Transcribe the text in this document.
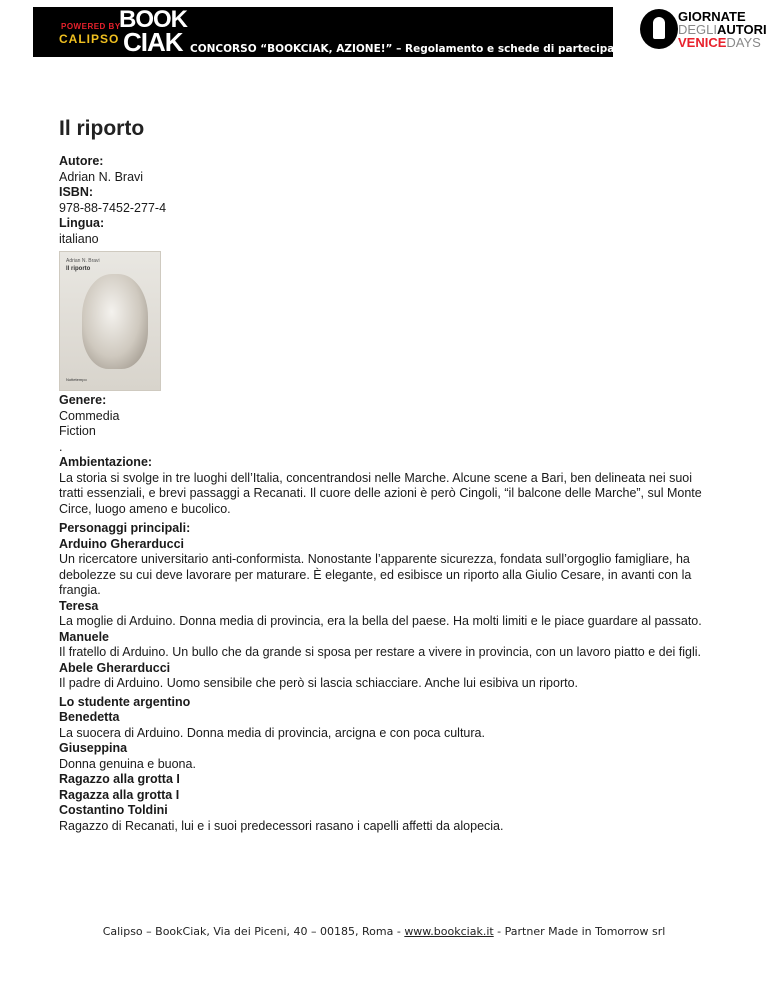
POWERED BY
CALIPSO
BOOK
CIAK CONCORSO “BOOKCIAK, AZIONE!” – Regolamento e schede di partecipazione
GIORNATE
DEGLIAUTORI
VENICEDAYS
Il riporto
Autore:
Adrian N. Bravi
ISBN:
978-88-7452-277-4
Lingua:
italiano
Adrian N. Bravi
Il riporto
Nottetempo
Genere:
Commedia
Fiction
.
Ambientazione:
La storia si svolge in tre luoghi dell’Italia, concentrandosi nelle Marche. Alcune scene a Bari, ben delineata nei suoi tratti essenziali, e brevi passaggi a Recanati. Il cuore delle azioni è però Cingoli, “il balcone delle Marche”, sul Monte Circe, luogo ameno e bucolico.
Personaggi principali:
Arduino Gherarducci
Un ricercatore universitario anti-conformista. Nonostante l’apparente sicurezza, fondata sull’orgoglio famigliare, ha debolezze su cui deve lavorare per maturare. È elegante, ed esibisce un riporto alla Giulio Cesare, in avanti con la frangia.
Teresa
La moglie di Arduino. Donna media di provincia, era la bella del paese. Ha molti limiti e le piace guardare al passato.
Manuele
Il fratello di Arduino. Un bullo che da grande si sposa per restare a vivere in provincia, con un lavoro piatto e dei figli.
Abele Gherarducci
Il padre di Arduino. Uomo sensibile che però si lascia schiacciare. Anche lui esibiva un riporto.
Lo studente argentino
Benedetta
La suocera di Arduino. Donna media di provincia, arcigna e con poca cultura.
Giuseppina
Donna genuina e buona.
Ragazzo alla grotta I
Ragazza alla grotta I
Costantino Toldini
Ragazzo di Recanati, lui e i suoi predecessori rasano i capelli affetti da alopecia.
Calipso – BookCiak, Via dei Piceni, 40 – 00185, Roma - www.bookciak.it - Partner Made in Tomorrow srl
